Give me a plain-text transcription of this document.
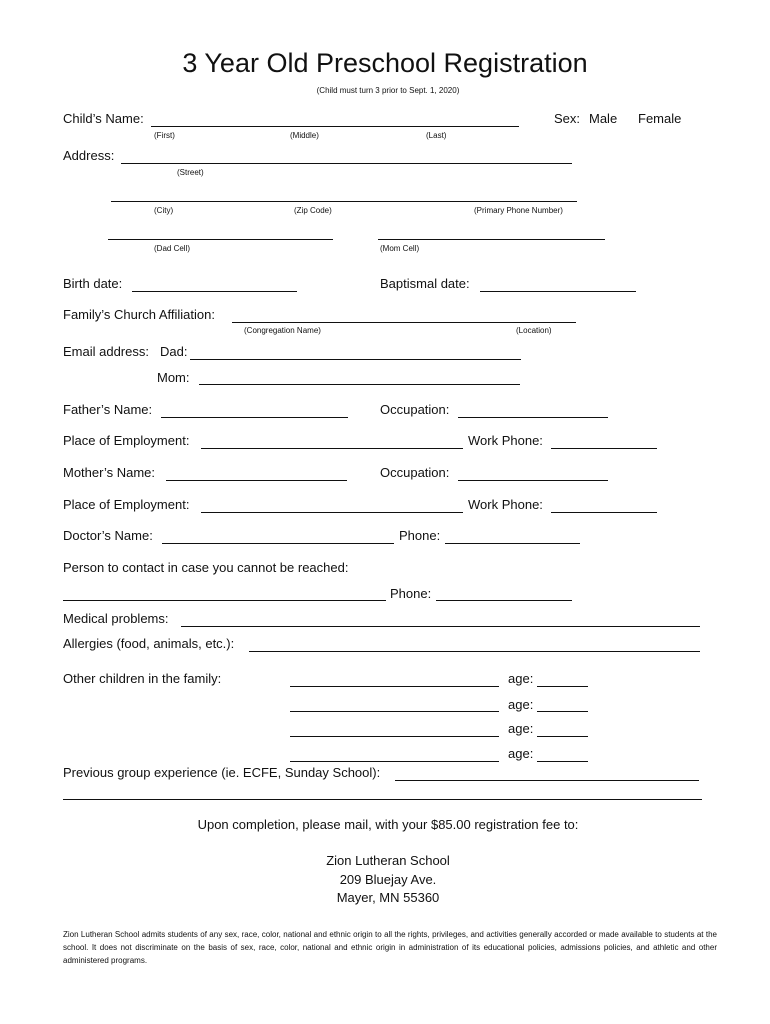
3 Year Old Preschool Registration
(Child must turn 3 prior to Sept. 1, 2020)
Child’s Name:
(First)	(Middle)	(Last)
Sex: Male Female
Address:
(Street)
(City)	(Zip Code)	(Primary Phone Number)
(Dad Cell)	(Mom Cell)
Birth date:	Baptismal date:
Family’s Church Affiliation:
(Congregation Name)	(Location)
Email address: Dad:
Mom:
Father’s Name:	Occupation:
Place of Employment:	Work Phone:
Mother’s Name:	Occupation:
Place of Employment:	Work Phone:
Doctor’s Name:	Phone:
Person to contact in case you cannot be reached:
Phone:
Medical problems:
Allergies (food, animals, etc.):
Other children in the family:	age:
age:
age:
age:
Previous group experience (ie. ECFE, Sunday School):
Upon completion, please mail, with your $85.00 registration fee to:
Zion Lutheran School
209 Bluejay Ave.
Mayer, MN 55360
Zion Lutheran School admits students of any sex, race, color, national and ethnic origin to all the rights, privileges, and activities generally accorded or made available to students at the school. It does not discriminate on the basis of sex, race, color, national and ethnic origin in administration of its educational policies, admissions policies, and athletic and other administered programs.
